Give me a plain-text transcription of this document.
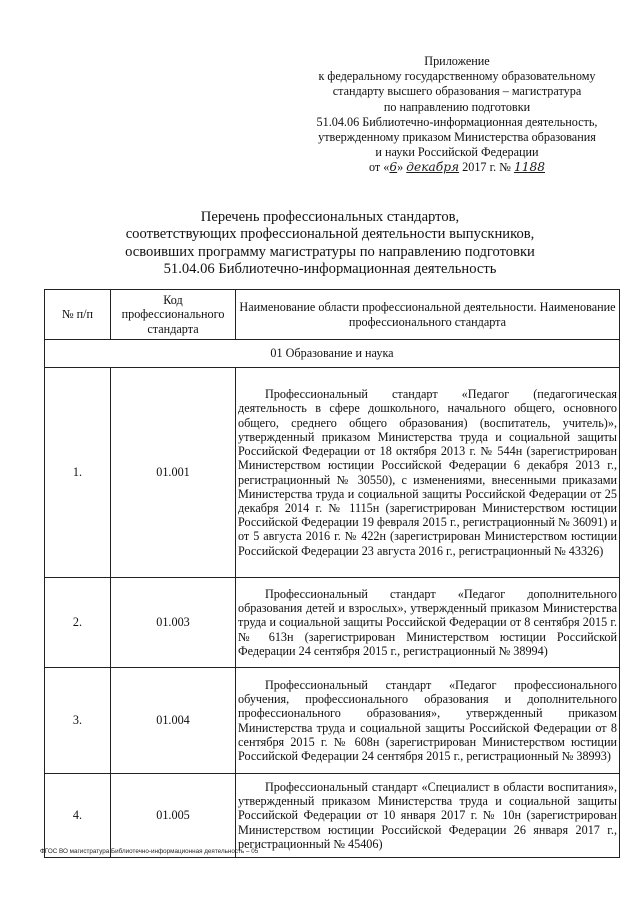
Приложение
к федеральному государственному образовательному
стандарту высшего образования – магистратура
по направлению подготовки
51.04.06 Библиотечно-информационная деятельность,
утвержденному приказом Министерства образования
и науки Российской Федерации
от «6» декабря 2017 г. № 1188
Перечень профессиональных стандартов,
соответствующих профессиональной деятельности выпускников,
освоивших программу магистратуры по направлению подготовки
51.04.06 Библиотечно-информационная деятельность
№ п/п	Код профессионального стандарта	Наименование области профессиональной деятельности. Наименование профессионального стандарта
01 Образование и наука		
1.	01.001	Профессиональный стандарт «Педагог (педагогическая деятельность в сфере дошкольного, начального общего, основного общего, среднего общего образования) (воспитатель, учитель)», утвержденный приказом Министерства труда и социальной защиты Российской Федерации от 18 октября 2013 г. № 544н (зарегистрирован Министерством юстиции Российской Федерации 6 декабря 2013 г., регистрационный № 30550), с изменениями, внесенными приказами Министерства труда и социальной защиты Российской Федерации от 25 декабря 2014 г. № 1115н (зарегистрирован Министерством юстиции Российской Федерации 19 февраля 2015 г., регистрационный № 36091) и от 5 августа 2016 г. № 422н (зарегистрирован Министерством юстиции Российской Федерации 23 августа 2016 г., регистрационный № 43326)
2.	01.003	Профессиональный стандарт «Педагог дополнительного образования детей и взрослых», утвержденный приказом Министерства труда и социальной защиты Российской Федерации от 8 сентября 2015 г. № 613н (зарегистрирован Министерством юстиции Российской Федерации 24 сентября 2015 г., регистрационный № 38994)
3.	01.004	Профессиональный стандарт «Педагог профессионального обучения, профессионального образования и дополнительного профессионального образования», утвержденный приказом Министерства труда и социальной защиты Российской Федерации от 8 сентября 2015 г. № 608н (зарегистрирован Министерством юстиции Российской Федерации 24 сентября 2015 г., регистрационный № 38993)
4.	01.005	Профессиональный стандарт «Специалист в области воспитания», утвержденный приказом Министерства труда и социальной защиты Российской Федерации от 10 января 2017 г. № 10н (зарегистрирован Министерством юстиции Российской Федерации 26 января 2017 г., регистрационный № 45406)
ФГОС ВО магистратура Библиотечно-информационная деятельность – 05
